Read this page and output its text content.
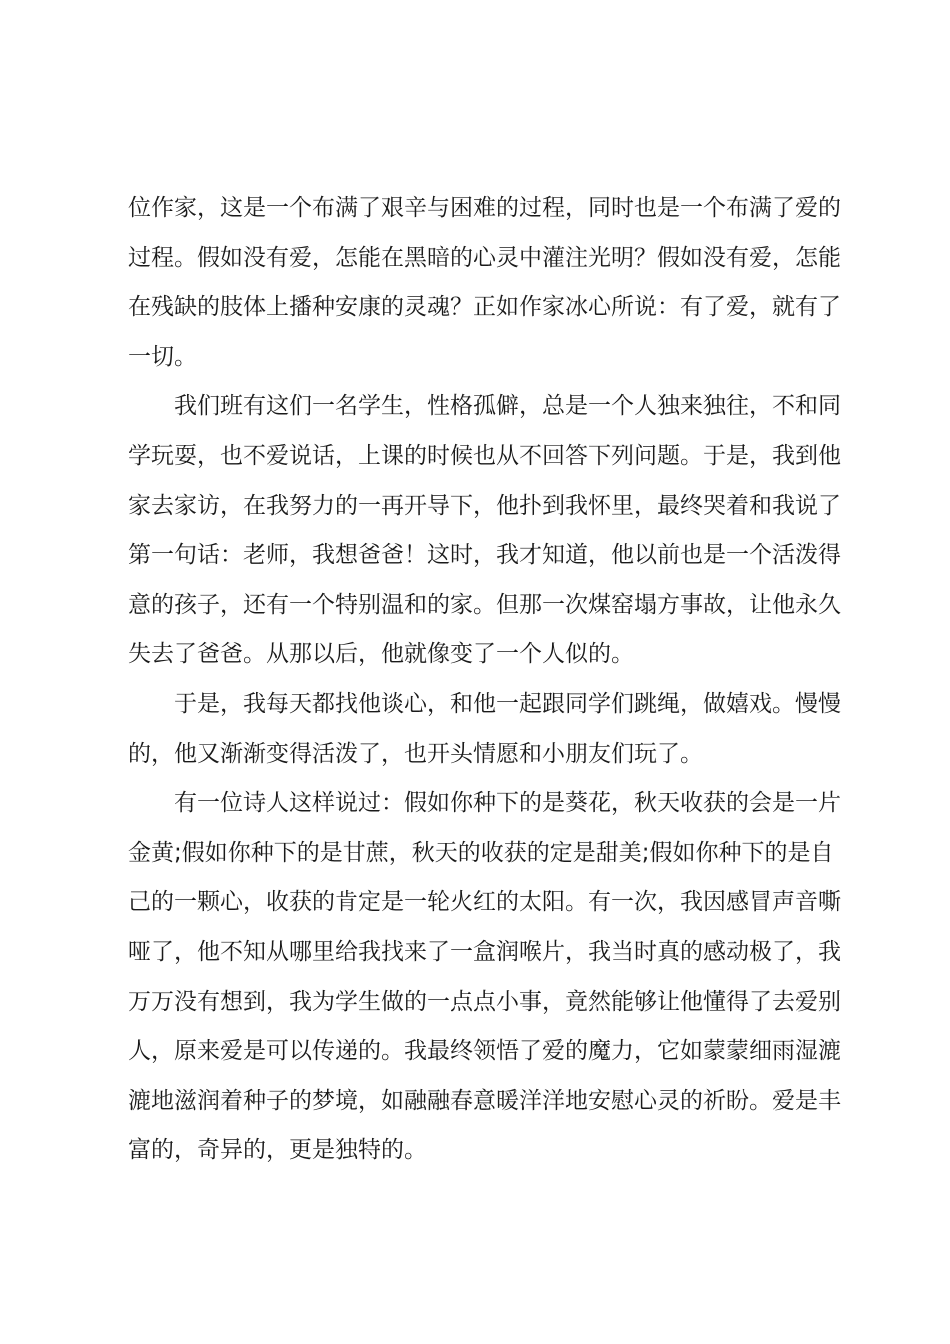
位作家，这是一个布满了艰辛与困难的过程，同时也是一个布满了爱的
过程。假如没有爱，怎能在黑暗的心灵中灌注光明？假如没有爱，怎能
在残缺的肢体上播种安康的灵魂？正如作家冰心所说：有了爱，就有了
一切。
我们班有这们一名学生，性格孤僻，总是一个人独来独往，不和同
学玩耍，也不爱说话，上课的时候也从不回答下列问题。于是，我到他
家去家访，在我努力的一再开导下，他扑到我怀里，最终哭着和我说了
第一句话：老师，我想爸爸！这时，我才知道，他以前也是一个活泼得
意的孩子，还有一个特别温和的家。但那一次煤窑塌方事故，让他永久
失去了爸爸。从那以后，他就像变了一个人似的。
于是，我每天都找他谈心，和他一起跟同学们跳绳，做嬉戏。慢慢
的，他又渐渐变得活泼了，也开头情愿和小朋友们玩了。
有一位诗人这样说过：假如你种下的是葵花，秋天收获的会是一片
金黄;假如你种下的是甘蔗，秋天的收获的定是甜美;假如你种下的是自
己的一颗心，收获的肯定是一轮火红的太阳。有一次，我因感冒声音嘶
哑了，他不知从哪里给我找来了一盒润喉片，我当时真的感动极了，我
万万没有想到，我为学生做的一点点小事，竟然能够让他懂得了去爱别
人，原来爱是可以传递的。我最终领悟了爱的魔力，它如蒙蒙细雨湿漉
漉地滋润着种子的梦境，如融融春意暖洋洋地安慰心灵的祈盼。爱是丰
富的，奇异的，更是独特的。
